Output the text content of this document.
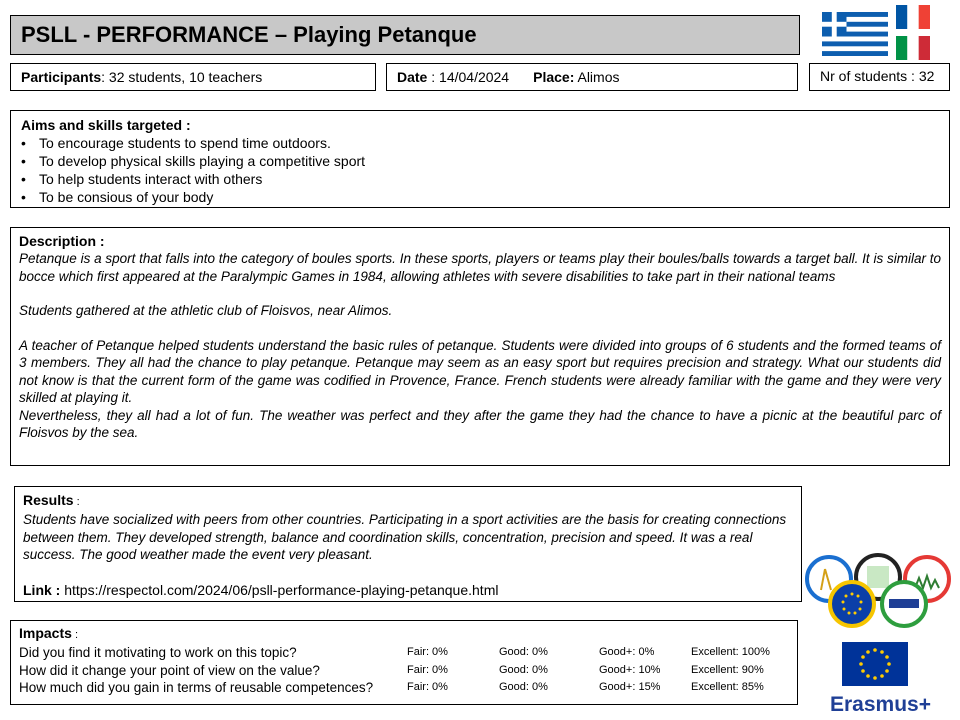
PSLL - PERFORMANCE – Playing Petanque
Participants: 32 students, 10 teachers	Date : 14/04/2024 Place: Alimos	Nr of students : 32
Aims and skills targeted :
• To encourage students to spend time outdoors.
• To develop physical skills playing a competitive sport
• To help students interact with others
• To be consious of your body
Description :

Petanque is a sport that falls into the category of boules sports. In these sports, players or teams play their boules/balls towards a target ball. It is similar to bocce which first appeared at the Paralympic Games in 1984, allowing athletes with severe disabilities to take part in their national teams

Students gathered at the athletic club of Floisvos, near Alimos.

A teacher of Petanque helped students understand the basic rules of petanque. Students were divided into groups of 6 students and the formed teams of 3 members. They all had the chance to play petanque. Petanque may seem as an easy sport but requires precision and strategy. What our students did not know is that the current form of the game was codified in Provence, France. French students were already familiar with the game and they were very skilled at playing it.

Nevertheless, they all had a lot of fun. The weather was perfect and they after the game they had the chance to have a picnic at the beautiful parc of Floisvos by the sea.

Results :

Students have socialized with peers from other countries. Participating in a sport activities are the basis for creating connections between them. They developed strength, balance and coordination skills, concentration, precision and speed. It was a real success. The good weather made the event very pleasant.

Link : https://respectol.com/2024/06/psll-performance-playing-petanque.html
Impacts :
Did you find it motivating to work on this topic?	Fair: 0%	Good: 0%	Good+: 0%	Excellent: 100%
How did it change your point of view on the value?	Fair: 0%	Good: 0%	Good+: 10%	Excellent: 90%
How much did you gain in terms of reusable competences?	Fair: 0%	Good: 0%	Good+: 15%	Excellent: 85%
Erasmus+
